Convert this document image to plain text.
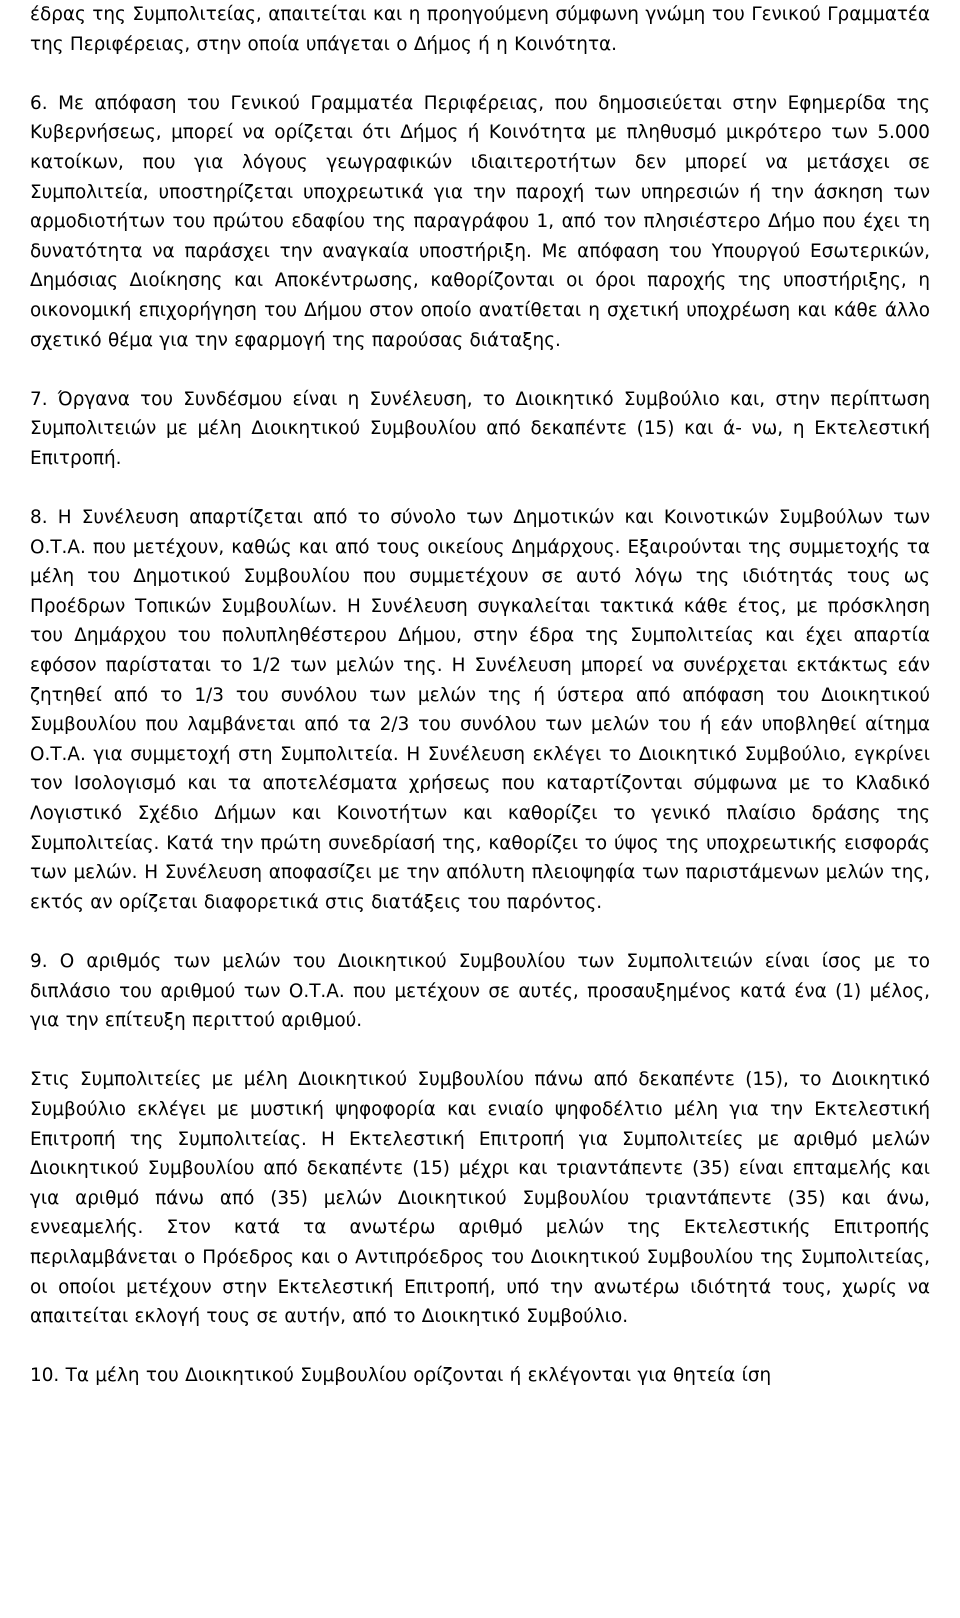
έδρας της Συμπολιτείας, απαιτείται και η προηγούμενη σύμφωνη γνώμη του Γενικού Γραμματέα της Περιφέρειας, στην οποία υπάγεται ο Δήμος ή η Κοινότητα.

6. Με απόφαση του Γενικού Γραμματέα Περιφέρειας, που δημοσιεύεται στην Εφημερίδα της Κυβερνήσεως, μπορεί να ορίζεται ότι Δήμος ή Κοινότητα με πληθυσμό μικρότερο των 5.000 κατοίκων, που για λόγους γεωγραφικών ιδιαιτεροτήτων δεν μπορεί να μετάσχει σε Συμπολιτεία, υποστηρίζεται υποχρεωτικά για την παροχή των υπηρεσιών ή την άσκηση των αρμοδιοτήτων του πρώτου εδαφίου της παραγράφου 1, από τον πλησιέστερο Δήμο που έχει τη δυνατότητα να παράσχει την αναγκαία υποστήριξη. Με απόφαση του Υπουργού Εσωτερικών, Δημόσιας Διοίκησης και Αποκέντρωσης, καθορίζονται οι όροι παροχής της υποστήριξης, η οικονομική επιχορήγηση του Δήμου στον οποίο ανατίθεται η σχετική υποχρέωση και κάθε άλλο σχετικό θέμα για την εφαρμογή της παρούσας διάταξης.

7. Όργανα του Συνδέσμου είναι η Συνέλευση, το Διοικητικό Συμβούλιο και, στην περίπτωση Συμπολιτειών με μέλη Διοικητικού Συμβουλίου από δεκαπέντε (15) και ά- νω, η Εκτελεστική Επιτροπή.

8. Η Συνέλευση απαρτίζεται από το σύνολο των Δημοτικών και Κοινοτικών Συμβούλων των Ο.Τ.Α. που μετέχουν, καθώς και από τους οικείους Δημάρχους. Εξαιρούνται της συμμετοχής τα μέλη του Δημοτικού Συμβουλίου που συμμετέχουν σε αυτό λόγω της ιδιότητάς τους ως Προέδρων Τοπικών Συμβουλίων. Η Συνέλευση συγκαλείται τακτικά κάθε έτος, με πρόσκληση του Δημάρχου του πολυπληθέστερου Δήμου, στην έδρα της Συμπολιτείας και έχει απαρτία εφόσον παρίσταται το 1/2 των μελών της. Η Συνέλευση μπορεί να συνέρχεται εκτάκτως εάν ζητηθεί από το 1/3 του συνόλου των μελών της ή ύστερα από απόφαση του Διοικητικού Συμβουλίου που λαμβάνεται από τα 2/3 του συνόλου των μελών του ή εάν υποβληθεί αίτημα Ο.Τ.Α. για συμμετοχή στη Συμπολιτεία. Η Συνέλευση εκλέγει το Διοικητικό Συμβούλιο, εγκρίνει τον Ισολογισμό και τα αποτελέσματα χρήσεως που καταρτίζονται σύμφωνα με το Κλαδικό Λογιστικό Σχέδιο Δήμων και Κοινοτήτων και καθορίζει το γενικό πλαίσιο δράσης της Συμπολιτείας. Κατά την πρώτη συνεδρίασή της, καθορίζει το ύψος της υποχρεωτικής εισφοράς των μελών. Η Συνέλευση αποφασίζει με την απόλυτη πλειοψηφία των παριστάμενων μελών της, εκτός αν ορίζεται διαφορετικά στις διατάξεις του παρόντος.

9. Ο αριθμός των μελών του Διοικητικού Συμβουλίου των Συμπολιτειών είναι ίσος με το διπλάσιο του αριθμού των Ο.Τ.Α. που μετέχουν σε αυτές, προσαυξημένος κατά ένα (1) μέλος, για την επίτευξη περιττού αριθμού.

Στις Συμπολιτείες με μέλη Διοικητικού Συμβουλίου πάνω από δεκαπέντε (15), το Διοικητικό Συμβούλιο εκλέγει με μυστική ψηφοφορία και ενιαίο ψηφοδέλτιο μέλη για την Εκτελεστική Επιτροπή της Συμπολιτείας. Η Εκτελεστική Επιτροπή για Συμπολιτείες με αριθμό μελών Διοικητικού Συμβουλίου από δεκαπέντε (15) μέχρι και τριαντάπεντε (35) είναι επταμελής και για αριθμό πάνω από (35) μελών Διοικητικού Συμβουλίου τριαντάπεντε (35) και άνω, εννεαμελής. Στον κατά τα ανωτέρω αριθμό μελών της Εκτελεστικής Επιτροπής περιλαμβάνεται ο Πρόεδρος και ο Αντιπρόεδρος του Διοικητικού Συμβουλίου της Συμπολιτείας, οι οποίοι μετέχουν στην Εκτελεστική Επιτροπή, υπό την ανωτέρω ιδιότητά τους, χωρίς να απαιτείται εκλογή τους σε αυτήν, από το Διοικητικό Συμβούλιο.

10. Τα μέλη του Διοικητικού Συμβουλίου ορίζονται ή εκλέγονται για θητεία ίση
